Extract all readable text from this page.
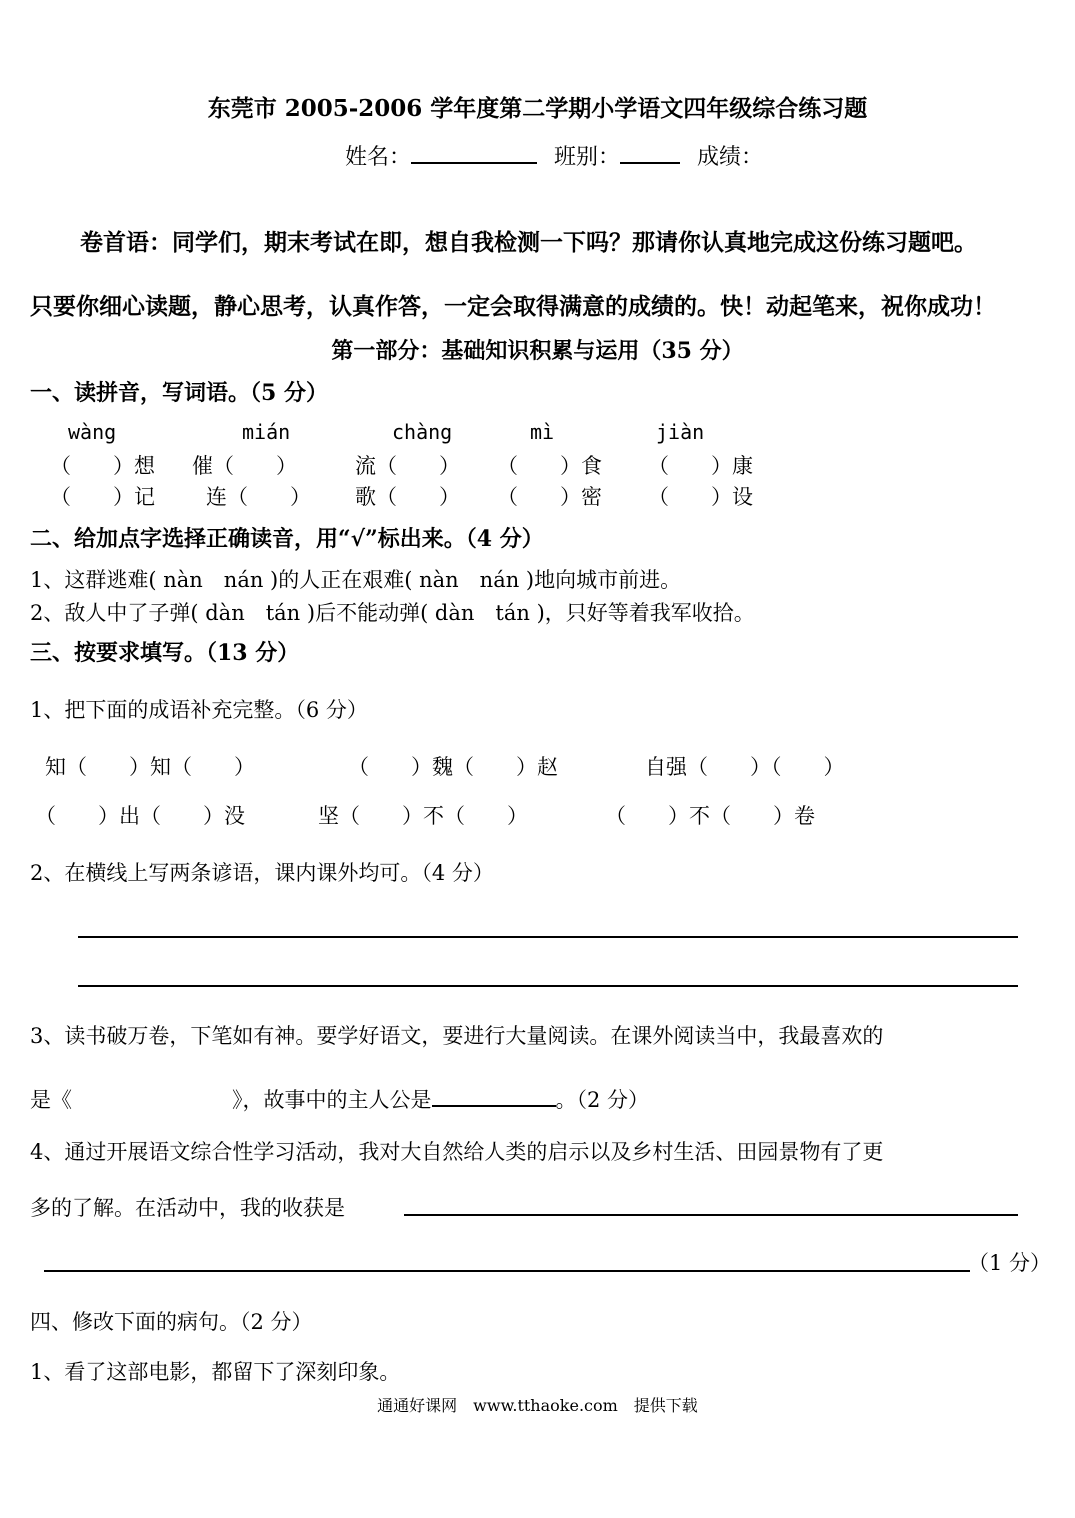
东莞市 2005-2006 学年度第二学期小学语文四年级综合练习题
姓名：	班别：	成绩：
卷首语：同学们，期末考试在即，想自我检测一下吗？那请你认真地完成这份练习题吧。
只要你细心读题，静心思考，认真作答，一定会取得满意的成绩的。快！动起笔来，祝你成功！
第一部分：基础知识积累与运用（35 分）
一、读拼音，写词语。（5 分）
wàng	mián	chàng	mì	jiàn
（　　）想 催（　　）	流（　　） （　　）食 （　　）康
（　　）记 连（　　） 歌（　　） （　　）密 （　　）设
二、给加点字选择正确读音，用“√”标出来。（4 分）
1、这群逃难( nàn　nán )的人正在艰难( nàn　nán )地向城市前进。
2、敌人中了子弹( dàn　tán )后不能动弹( dàn　tán )，只好等着我军收拾。
三、按要求填写。（13 分）
1、把下面的成语补充完整。（6 分）
知（　　）知（　　）	（　　）魏（　　）赵	自强（　　）（　　）
（　　）出（　　）没	坚（　　）不（　　）	（　　）不（　　）卷
2、在横线上写两条谚语，课内课外均可。（4 分）
3、读书破万卷，下笔如有神。要学好语文，要进行大量阅读。在课外阅读当中，我最喜欢的
是《	》，故事中的主人公是	。（2 分）
4、通过开展语文综合性学习活动，我对大自然给人类的启示以及乡村生活、田园景物有了更
多的了解。在活动中，我的收获是
（1 分）
四、修改下面的病句。（2 分）
1、看了这部电影，都留下了深刻印象。
通通好课网　www.tthaoke.com　提供下载
